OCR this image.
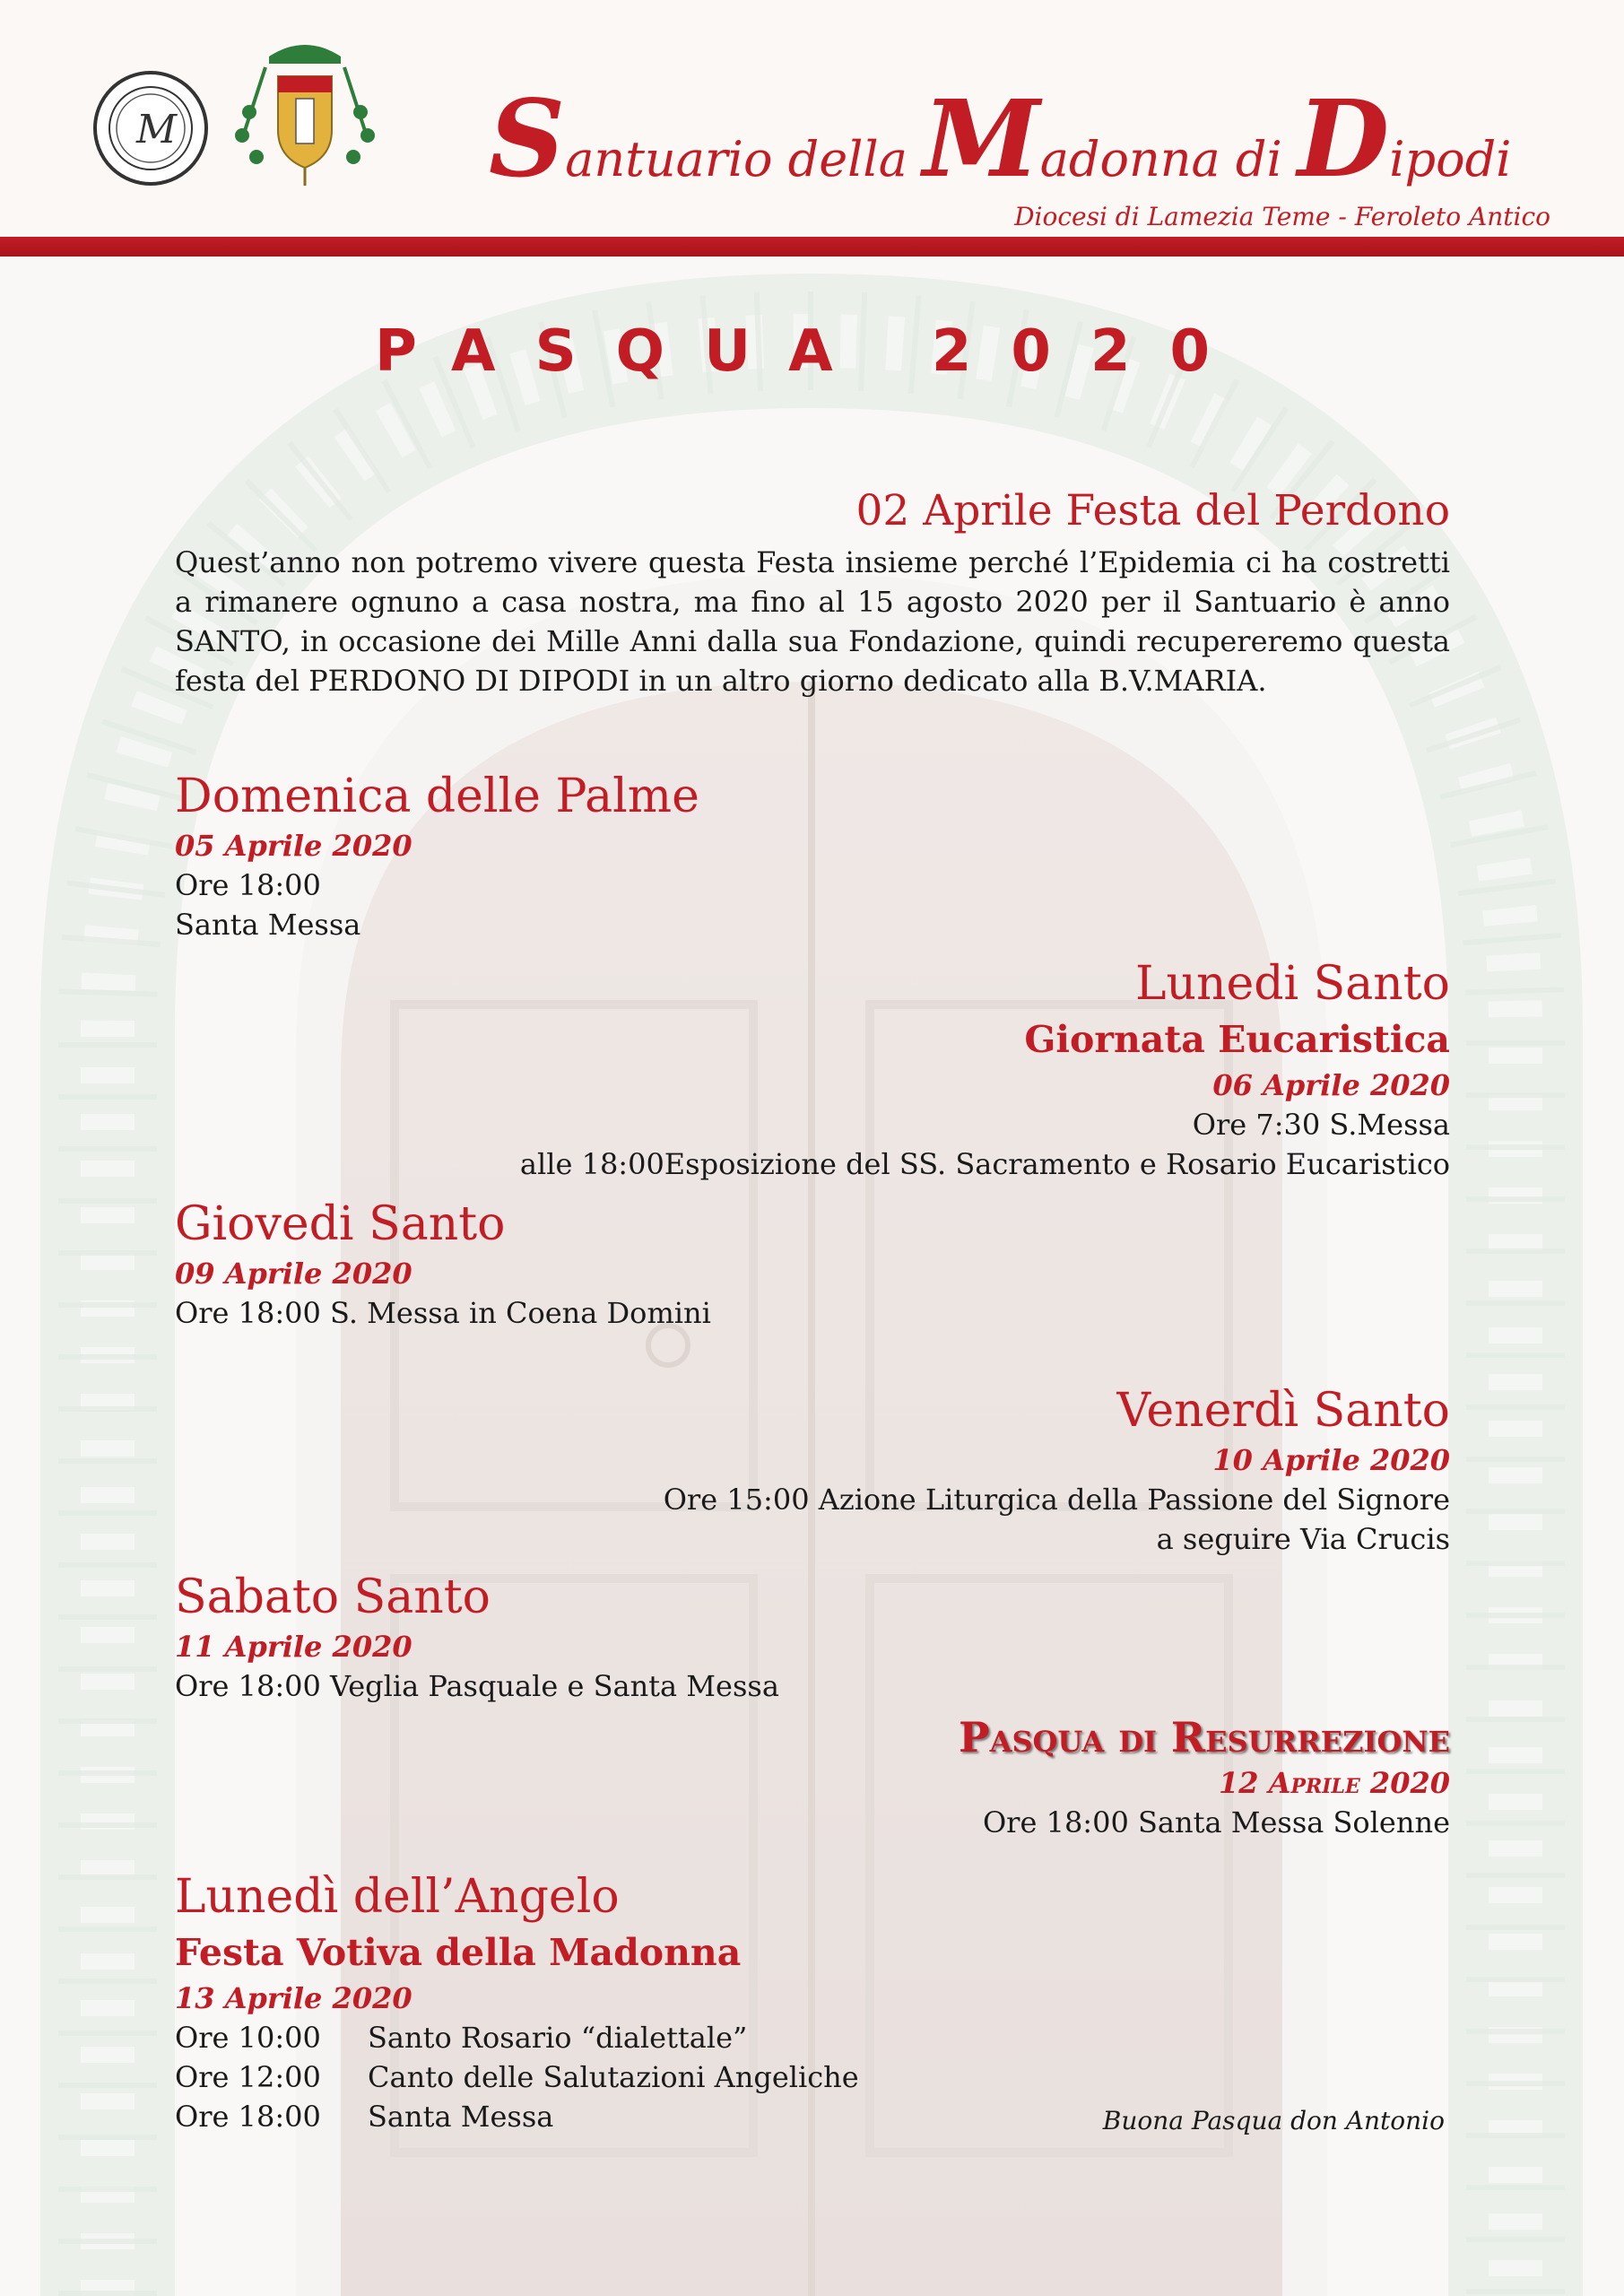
M	Santuario della Madonna di Dipodi
Diocesi di Lamezia Teme - Feroleto Antico
PASQUA 2020
02 Aprile Festa del Perdono
Quest’anno non potremo vivere questa Festa insieme perché l’Epidemia ci ha costretti a rimanere ognuno a casa nostra, ma fino al 15 agosto 2020 per il Santuario è anno SANTO, in occasione dei Mille Anni dalla sua Fondazione, quindi recupereremo questa festa del PERDONO DI DIPODI in un altro giorno dedicato alla B.V.MARIA.
Domenica delle Palme
05 Aprile 2020
Ore 18:00
Santa Messa
Lunedi Santo
Giornata Eucaristica
06 Aprile 2020
Ore 7:30 S.Messa
alle 18:00Esposizione del SS. Sacramento e Rosario Eucaristico
Giovedi Santo
09 Aprile 2020
Ore 18:00 S. Messa in Coena Domini
Venerdì Santo
10 Aprile 2020
Ore 15:00 Azione Liturgica della Passione del Signore
a seguire Via Crucis
Sabato Santo
11 Aprile 2020
Ore 18:00 Veglia Pasquale e Santa Messa
Pasqua di Resurrezione
12 Aprile 2020
Ore 18:00 Santa Messa Solenne
Lunedì dell’Angelo
Festa Votiva della Madonna
13 Aprile 2020
Ore 10:00	Santo Rosario “dialettale”
Ore 12:00	Canto delle Salutazioni Angeliche
Ore 18:00	Santa Messa	Buona Pasqua don Antonio
